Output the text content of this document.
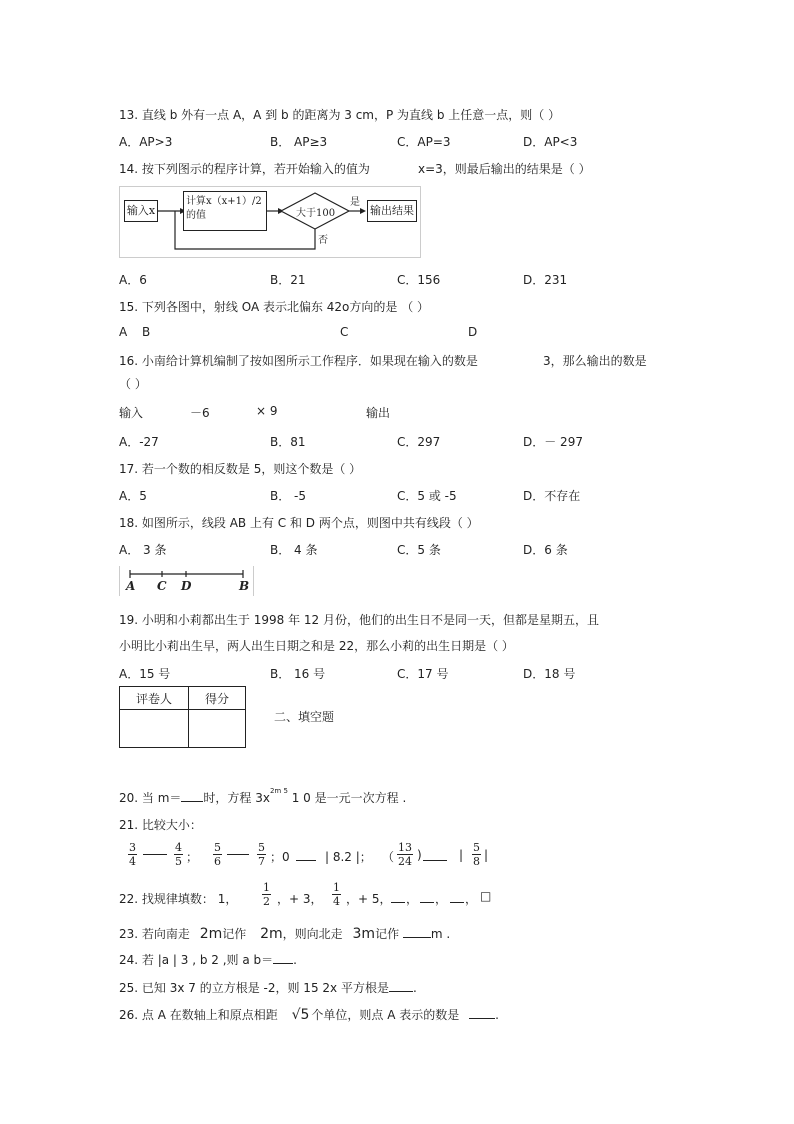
13. 直线 b 外有一点 A，A 到 b 的距离为 3 cm，P 为直线 b 上任意一点，则（ ）
A．AP>3	B． AP≥3	C．AP=3	D．AP<3
14. 按下列图示的程序计算，若开始输入的值为	x=3，则最后输出的结果是（ ）
输入x
计算x（x+1）/2
的值	大于100
是
否
输出结果
A．6	B．21	C．156	D．231
15. 下列各图中，射线 OA 表示北偏东 42o方向的是 （ ）
A B	C	D
16. 小南给计算机编制了按如图所示工作程序．如果现在输入的数是	3，那么输出的数是
（ ）
输入	－6	× 9	输出
A．-27	B．81	C．297	D．－ 297
17. 若一个数的相反数是 5，则这个数是（ ）
A．5	B． -5	C．5 或 -5	D．不存在
18. 如图所示，线段 AB 上有 C 和 D 两个点，则图中共有线段（ ）
A． 3 条	B． 4 条	C．5 条	D．6 条
A C D	B
19. 小明和小莉都出生于 1998 年 12 月份，他们的出生日不是同一天，但都是星期五，且
小明比小莉出生早，两人出生日期之和是 22，那么小莉的出生日期是（ ）
A．15 号	B． 16 号	C．17 号	D．18 号
评卷人	得分

二、填空题
20. 当 m＝ 时，方程 $3x^{2m 5}$ 1 0 是一元一次方程 .
21. 比较大小：
$\frac{3}{4}$	$\frac{4}{5}$ ； $\frac{5}{6}$	$\frac{5}{7}$ ；0	| 8.2 |； （ $\frac{13}{24}$ )	| $\frac{5}{8}$ |
22. 找规律填数： 1， $\frac{1}{2}$ ，+ 3， $\frac{1}{4}$ ，+ 5， ， ， ， □
23. 若向南走 2m记作 2m，则向北走 3m记作	m .
24. 若 |a | 3 , b 2 ,则 a b＝ .
25. 已知 3x 7 的立方根是 -2，则 15 2x 平方根是 .
26. 点 A 在数轴上和原点相距 √5 个单位，则点 A 表示的数是	.
